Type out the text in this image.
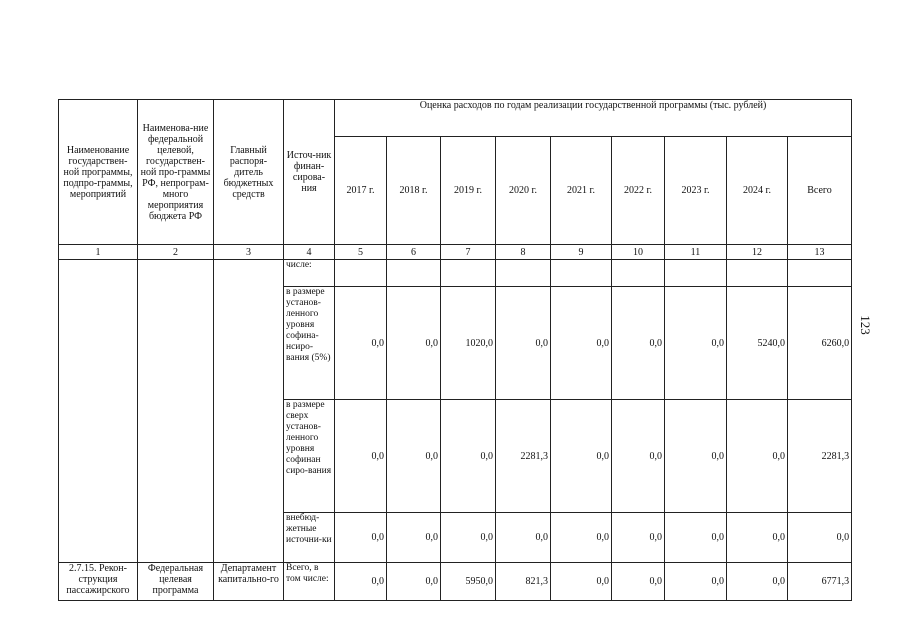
Наименование государствен-ной программы, подпро-граммы, мероприятий	Наименова-ние федеральной целевой, государствен-ной про-граммы РФ, непрограм-много мероприятия бюджета РФ	Главный распоря-дитель бюджетных средств	Источ-ник финан-сирова-ния	Оценка расходов по годам реализации государственной программы (тыс. рублей)								
				2017 г.	2018 г.	2019 г.	2020 г.	2021 г.	2022 г.	2023 г.	2024 г.	Всего
1	2	3	4	5	6	7	8	9	10	11	12	13
			числе:									
			в размере установ-ленного уровня софина-нсиро-вания (5%)	0,0	0,0	1020,0	0,0	0,0	0,0	0,0	5240,0	6260,0
			в размере сверх установ-ленного уровня софинан сиро-вания	0,0	0,0	0,0	2281,3	0,0	0,0	0,0	0,0	2281,3
			внебюд-жетные источни-ки	0,0	0,0	0,0	0,0	0,0	0,0	0,0	0,0	0,0
2.7.15. Рекон-струкция пассажирского	Федеральная целевая программа	Департамент капитально-го	Всего, в том числе:	0,0	0,0	5950,0	821,3	0,0	0,0	0,0	0,0	6771,3
123
